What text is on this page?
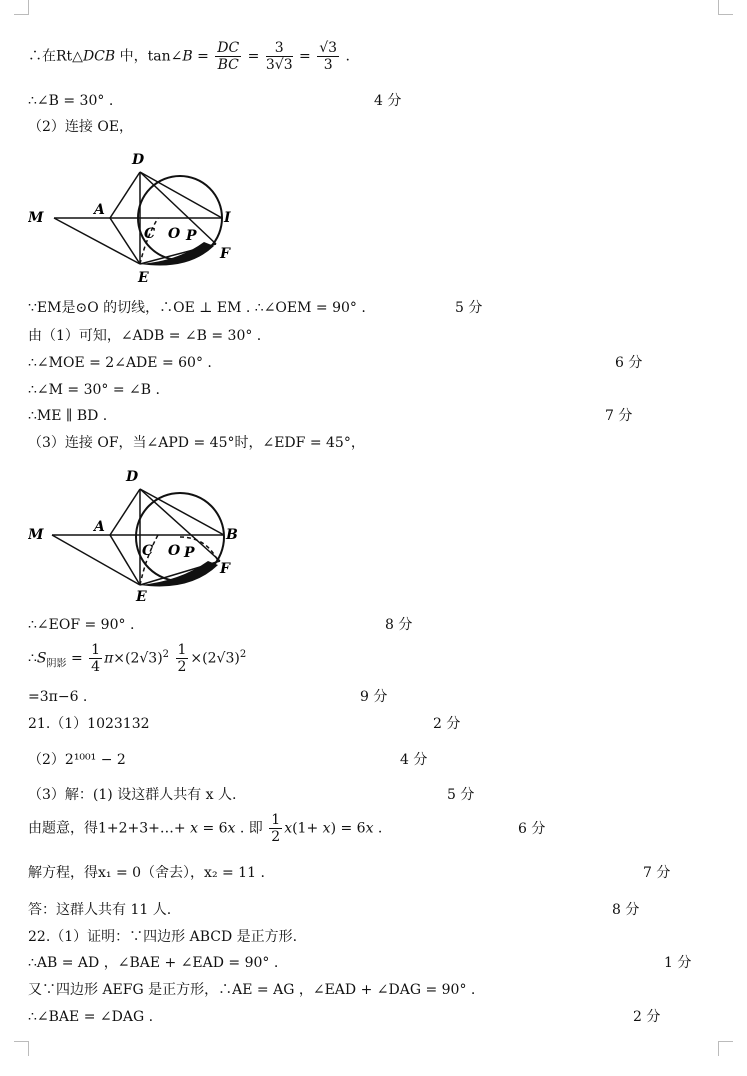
∴在Rt△DCB 中，tan∠B = $\frac{DC}{BC} = \frac{3}{3√3} = \frac{√3}{3}$ .
∴∠B = 30° .	4 分
（2）连接 OE，
M	A
D
C O P
I
F
E
∵EM是⊙O 的切线，∴OE ⊥ EM . ∴∠OEM = 90° .	5 分
由（1）可知，∠ADB = ∠B = 30° .
∴∠MOE = 2∠ADE = 60° .	6 分
∴∠M = 30° = ∠B .
∴ME ∥ BD .	7 分
（3）连接 OF，当∠APD = 45°时，∠EDF = 45°，
M	A
D
C O P
B
F
E
∴∠EOF = 90° .	8 分
$\therefore S_{阴影} = \frac{1}{4} \pi\times(2√3)^2 \frac{1}{2} \times(2√3)^2$
=3π−6 .	9 分
21.（1）1023132	2 分
（2）2¹⁰⁰¹ − 2	4 分
（3）解：(1) 设这群人共有 x 人.	5 分
由题意，得1+2+3+…+ x = 6x . 即 $\frac{1}{2} x(1+ x) = 6x$ .	6 分
解方程，得x₁ = 0（舍去），x₂ = 11 .	7 分
答：这群人共有 11 人.	8 分
22.（1）证明：∵四边形 ABCD 是正方形.
∴AB = AD ，∠BAE + ∠EAD = 90° .	1 分
又∵四边形 AEFG 是正方形，∴AE = AG ，∠EAD + ∠DAG = 90° .
∴∠BAE = ∠DAG .	2 分
